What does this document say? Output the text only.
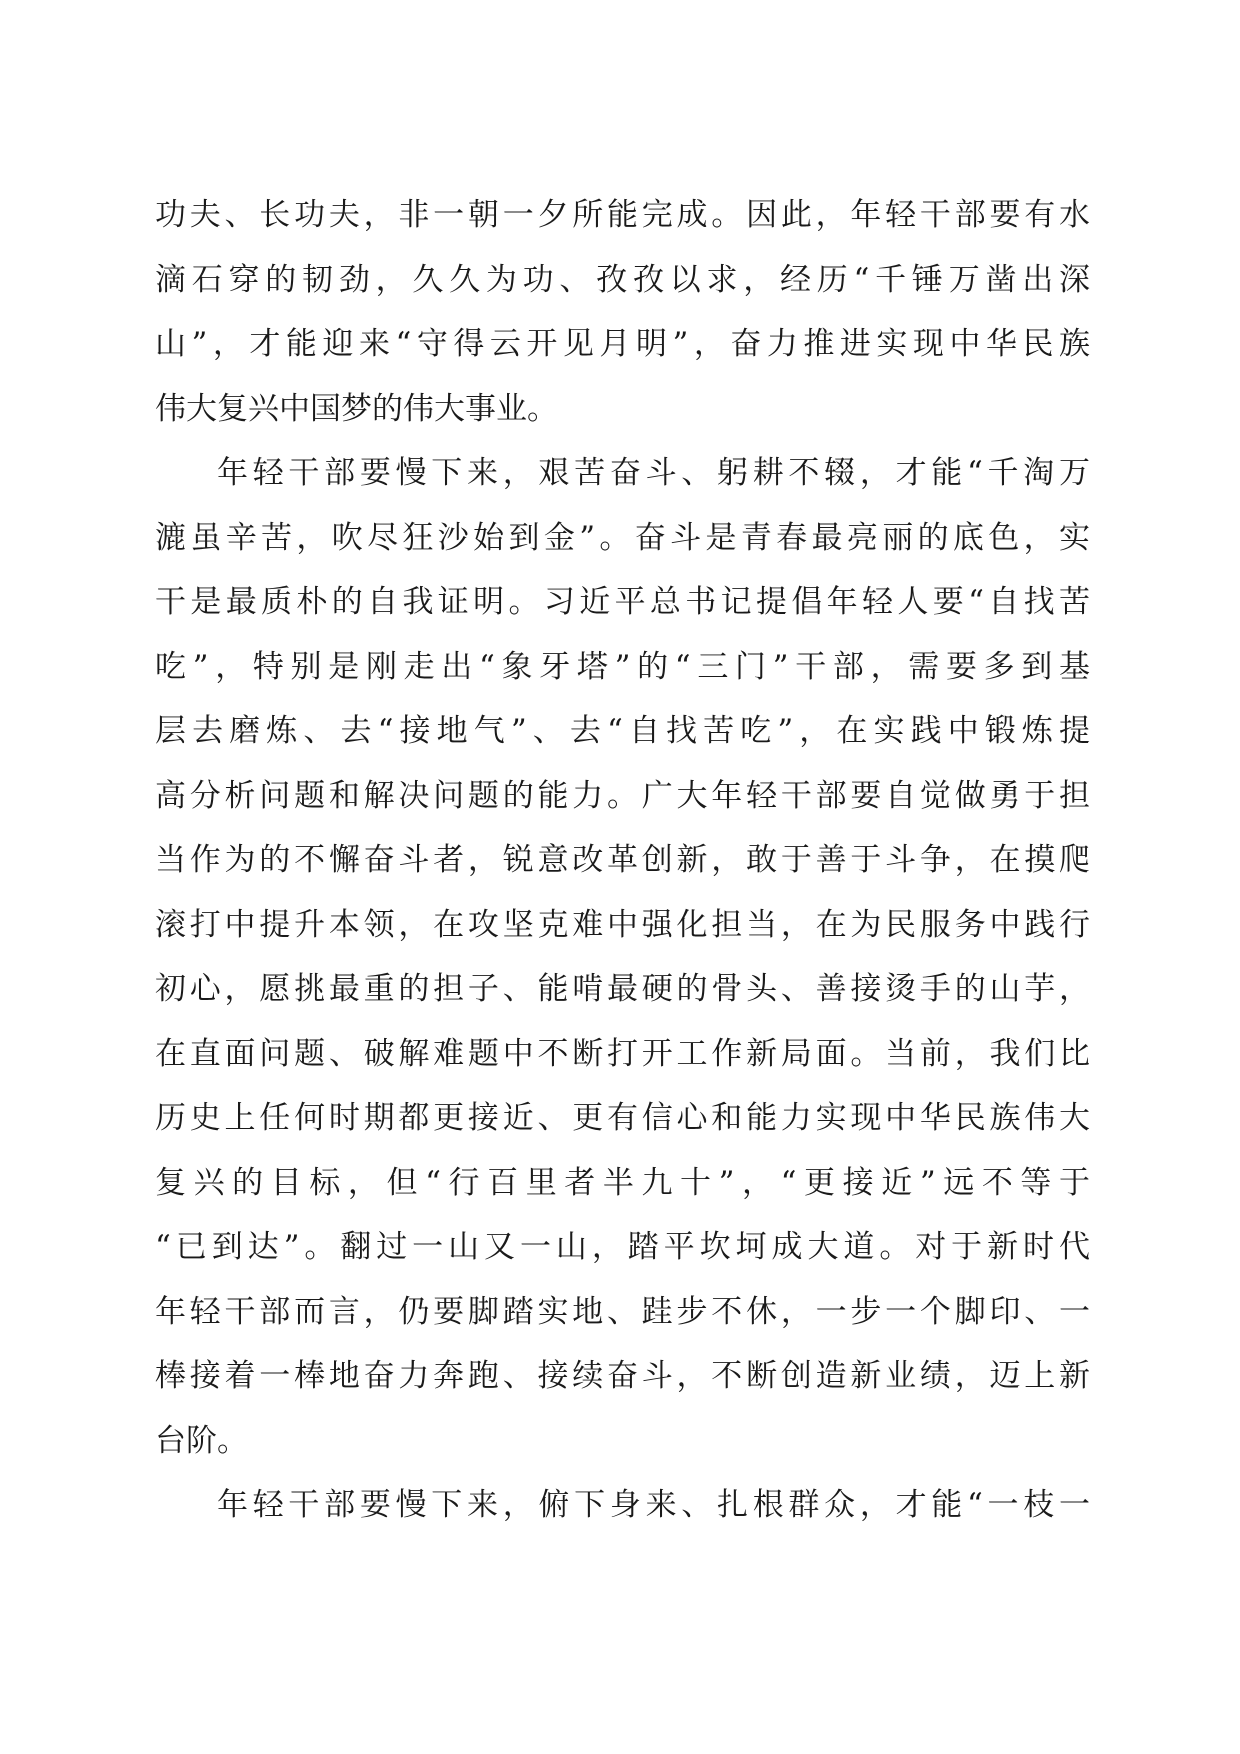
功夫、长功夫，非一朝一夕所能完成。因此，年轻干部要有水
滴石穿的韧劲，久久为功、孜孜以求，经历“千锤万凿出深
山”，才能迎来“守得云开见月明”，奋力推进实现中华民族
伟大复兴中国梦的伟大事业。
年轻干部要慢下来，艰苦奋斗、躬耕不辍，才能“千淘万
漉虽辛苦，吹尽狂沙始到金”。奋斗是青春最亮丽的底色，实
干是最质朴的自我证明。习近平总书记提倡年轻人要“自找苦
吃”，特别是刚走出“象牙塔”的“三门”干部，需要多到基
层去磨炼、去“接地气”、去“自找苦吃”，在实践中锻炼提
高分析问题和解决问题的能力。广大年轻干部要自觉做勇于担
当作为的不懈奋斗者，锐意改革创新，敢于善于斗争，在摸爬
滚打中提升本领，在攻坚克难中强化担当，在为民服务中践行
初心，愿挑最重的担子、能啃最硬的骨头、善接烫手的山芋，
在直面问题、破解难题中不断打开工作新局面。当前，我们比
历史上任何时期都更接近、更有信心和能力实现中华民族伟大
复兴的目标，但“行百里者半九十”，“更接近”远不等于
“已到达”。翻过一山又一山，踏平坎坷成大道。对于新时代
年轻干部而言，仍要脚踏实地、跬步不休，一步一个脚印、一
棒接着一棒地奋力奔跑、接续奋斗，不断创造新业绩，迈上新
台阶。
年轻干部要慢下来，俯下身来、扎根群众，才能“一枝一
